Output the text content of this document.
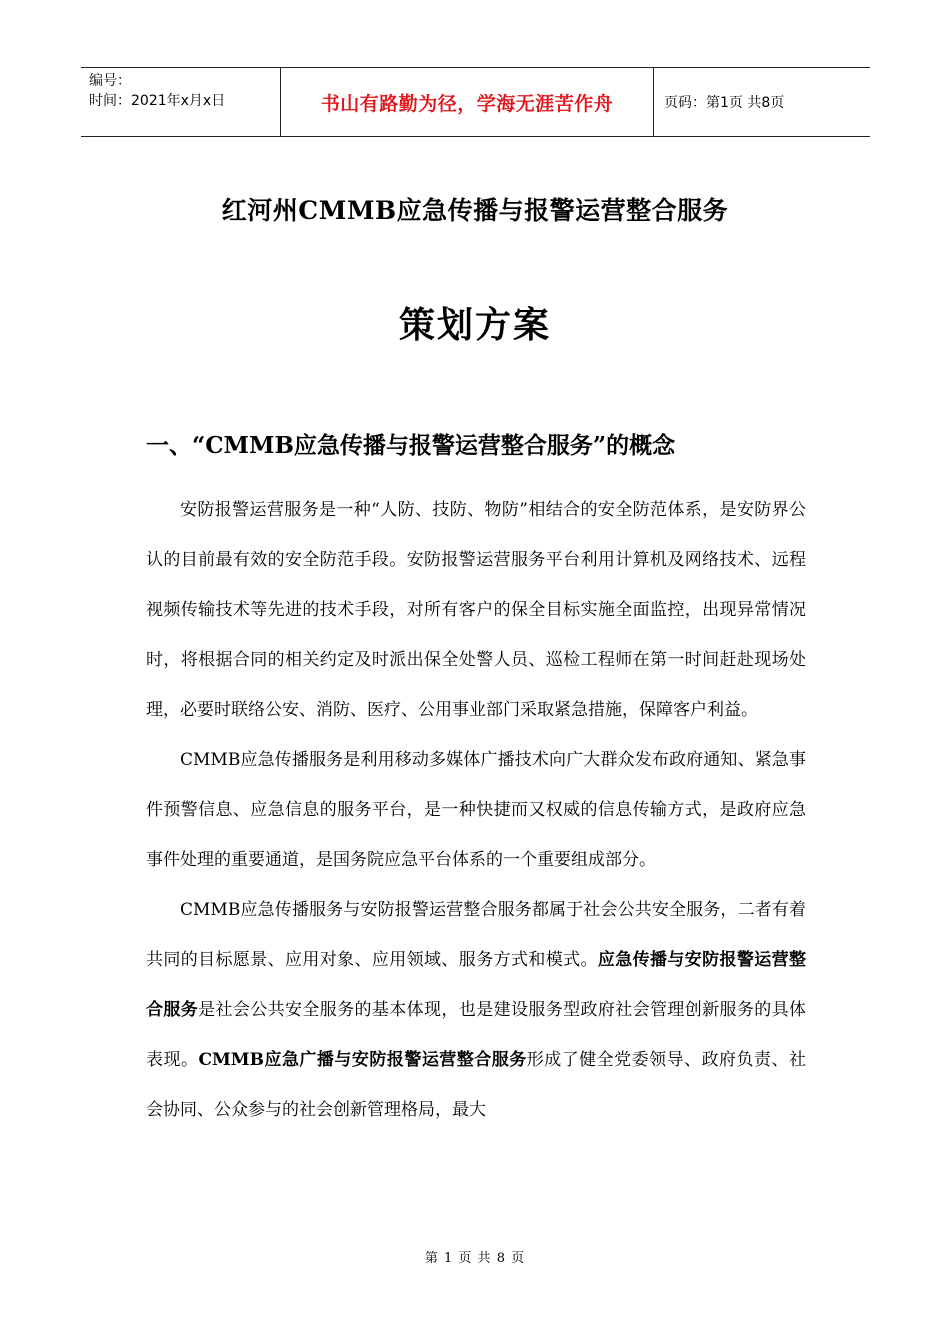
编号：
时间：2021年x月x日	书山有路勤为径，学海无涯苦作舟	页码：第1页 共8页
红河州CMMB应急传播与报警运营整合服务
策划方案
一、“CMMB应急传播与报警运营整合服务”的概念

安防报警运营服务是一种“人防、技防、物防”相结合的安全防范体系，是安防界公认的目前最有效的安全防范手段。安防报警运营服务平台利用计算机及网络技术、远程视频传输技术等先进的技术手段，对所有客户的保全目标实施全面监控，出现异常情况时，将根据合同的相关约定及时派出保全处警人员、巡检工程师在第一时间赶赴现场处理，必要时联络公安、消防、医疗、公用事业部门采取紧急措施，保障客户利益。

CMMB应急传播服务是利用移动多媒体广播技术向广大群众发布政府通知、紧急事件预警信息、应急信息的服务平台，是一种快捷而又权威的信息传输方式，是政府应急事件处理的重要通道，是国务院应急平台体系的一个重要组成部分。

CMMB应急传播服务与安防报警运营整合服务都属于社会公共安全服务，二者有着共同的目标愿景、应用对象、应用领域、服务方式和模式。应急传播与安防报警运营整合服务是社会公共安全服务的基本体现，也是建设服务型政府社会管理创新服务的具体表现。CMMB应急广播与安防报警运营整合服务形成了健全党委领导、政府负责、社会协同、公众参与的社会创新管理格局，最大

第 1 页 共 8 页
